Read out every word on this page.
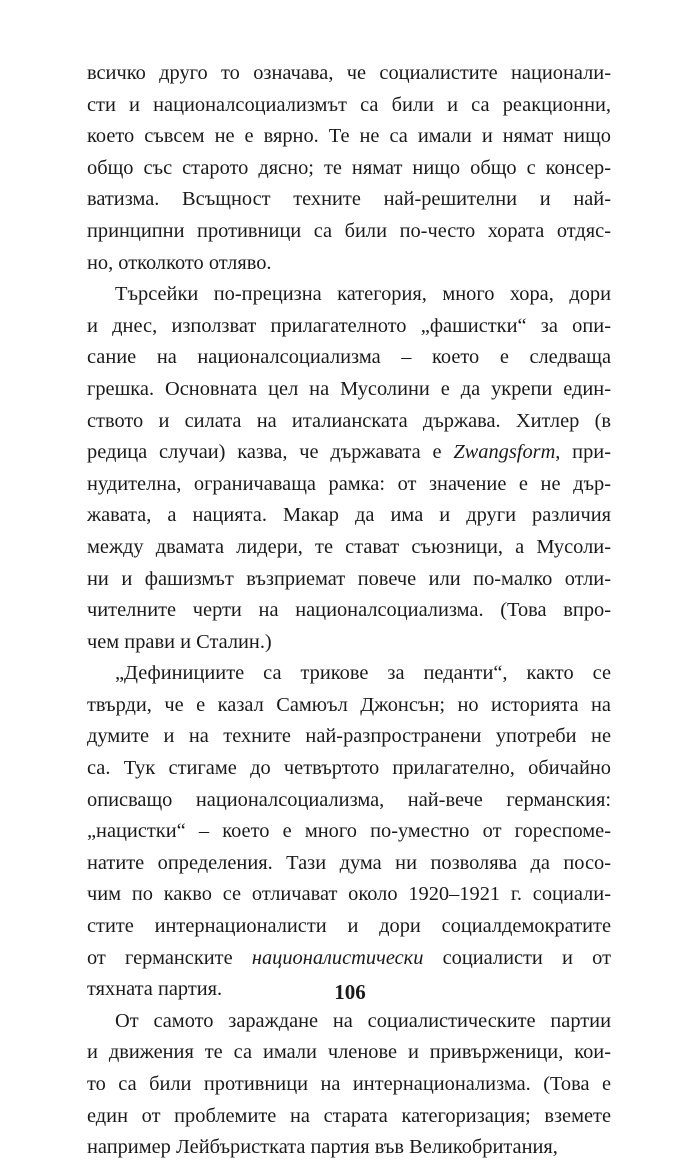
всичко друго то означава, че социалистите национали-
сти и националсоциализмът са били и са реакционни,
което съвсем не е вярно. Те не са имали и нямат нищо
общо със старото дясно; те нямат нищо общо с консер-
ватизма. Всъщност техните най-решителни и най-
принципни противници са били по-често хората отдяс-
но, отколкото отляво.
Търсейки по-прецизна категория, много хора, дори
и днес, използват прилагателното „фашистки“ за опи-
сание на националсоциализма – което е следваща
грешка. Основната цел на Мусолини е да укрепи един-
ството и силата на италианската държава. Хитлер (в
редица случаи) казва, че държавата е Zwangsform, при-
нудителна, ограничаваща рамка: от значение е не дър-
жавата, а нацията. Макар да има и други различия
между двамата лидери, те стават съюзници, а Мусоли-
ни и фашизмът възприемат повече или по-малко отли-
чителните черти на националсоциализма. (Това впро-
чем прави и Сталин.)
„Дефинициите са трикове за педанти“, както се
твърди, че е казал Самюъл Джонсън; но историята на
думите и на техните най-разпространени употреби не
са. Тук стигаме до четвъртото прилагателно, обичайно
описващо националсоциализма, най-вече германския:
„нацистки“ – което е много по-уместно от гореспоме-
натите определения. Тази дума ни позволява да посо-
чим по какво се отличават около 1920–1921 г. социали-
стите интернационалисти и дори социалдемократите
от германските националистически социалисти и от
тяхната партия.
От самото зараждане на социалистическите партии
и движения те са имали членове и привърженици, кои-
то са били противници на интернационализма. (Това е
един от проблемите на старата категоризация; вземете
например Лейбъристката партия във Великобритания,
106
